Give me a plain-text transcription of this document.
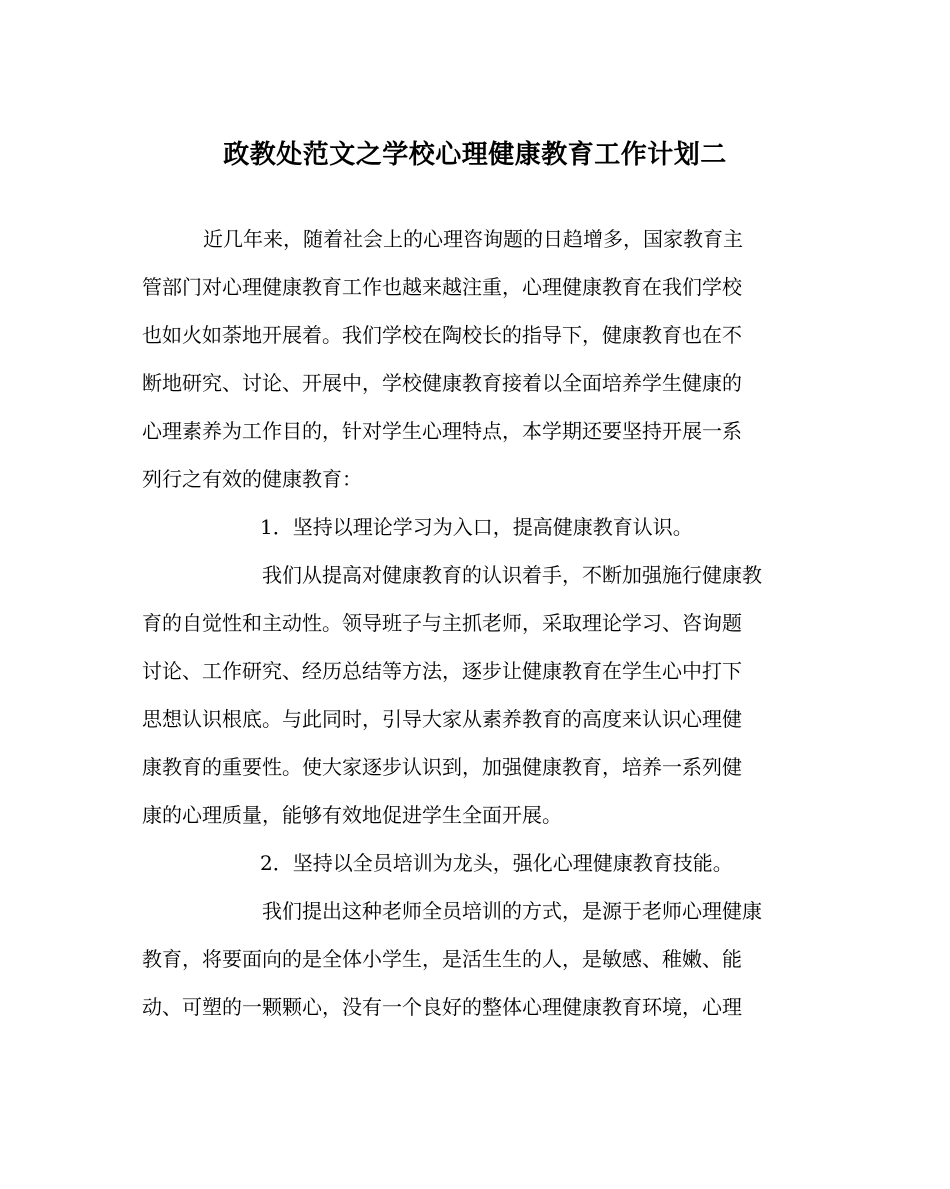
政教处范文之学校心理健康教育工作计划二

近几年来，随着社会上的心理咨询题的日趋增多，国家教育主

管部门对心理健康教育工作也越来越注重，心理健康教育在我们学校

也如火如荼地开展着。我们学校在陶校长的指导下，健康教育也在不

断地研究、讨论、开展中，学校健康教育接着以全面培养学生健康的

心理素养为工作目的，针对学生心理特点，本学期还要坚持开展一系

列行之有效的健康教育：

1．坚持以理论学习为入口，提高健康教育认识。

我们从提高对健康教育的认识着手，不断加强施行健康教

育的自觉性和主动性。领导班子与主抓老师，采取理论学习、咨询题

讨论、工作研究、经历总结等方法，逐步让健康教育在学生心中打下

思想认识根底。与此同时，引导大家从素养教育的高度来认识心理健

康教育的重要性。使大家逐步认识到，加强健康教育，培养一系列健

康的心理质量，能够有效地促进学生全面开展。

2．坚持以全员培训为龙头，强化心理健康教育技能。

我们提出这种老师全员培训的方式，是源于老师心理健康

教育，将要面向的是全体小学生，是活生生的人，是敏感、稚嫩、能

动、可塑的一颗颗心，没有一个良好的整体心理健康教育环境，心理
